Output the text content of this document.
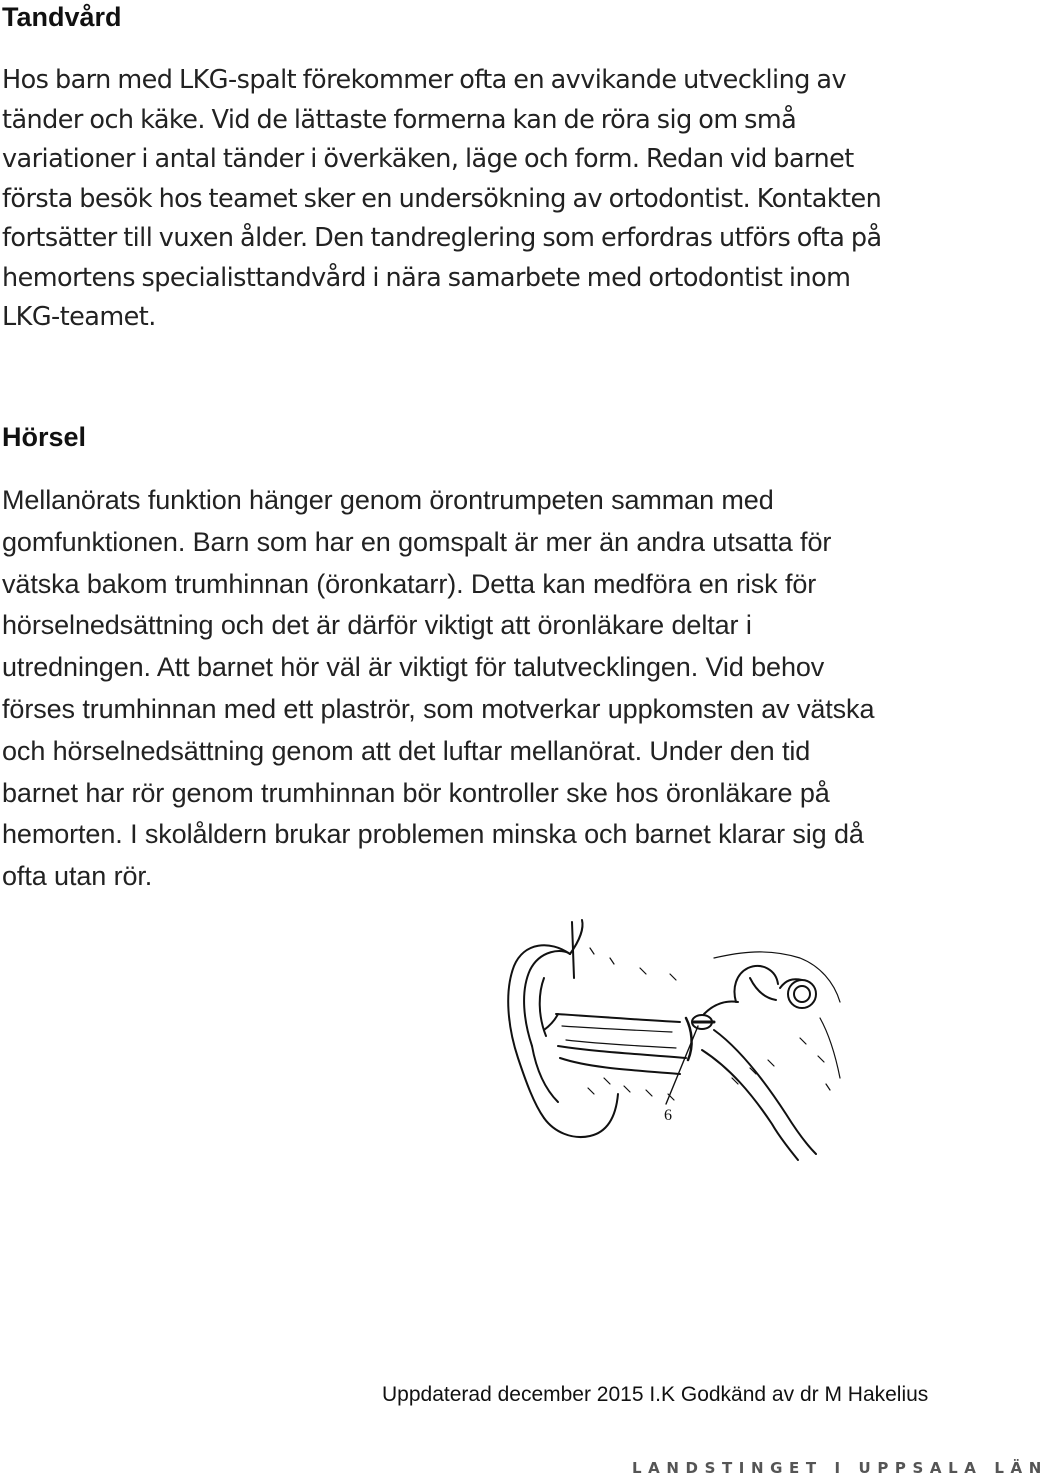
Tandvård

Hos barn med LKG-spalt förekommer ofta en avvikande utveckling av
tänder och käke. Vid de lättaste formerna kan de röra sig om små
variationer i antal tänder i överkäken, läge och form. Redan vid barnet
första besök hos teamet sker en undersökning av ortodontist. Kontakten
fortsätter till vuxen ålder. Den tandreglering som erfordras utförs ofta på
hemortens specialisttandvård i nära samarbete med ortodontist inom
LKG-teamet.

Hörsel

Mellanörats funktion hänger genom örontrumpeten samman med
gomfunktionen. Barn som har en gomspalt är mer än andra utsatta för
vätska bakom trumhinnan (öronkatarr). Detta kan medföra en risk för
hörselnedsättning och det är därför viktigt att öronläkare deltar i
utredningen. Att barnet hör väl är viktigt för talutvecklingen. Vid behov
förses trumhinnan med ett plaströr, som motverkar uppkomsten av vätska
och hörselnedsättning genom att det luftar mellanörat. Under den tid
barnet har rör genom trumhinnan bör kontroller ske hos öronläkare på
hemorten. I skolåldern brukar problemen minska och barnet klarar sig då
ofta utan rör.

6

Uppdaterad december 2015 I.K Godkänd av dr M Hakelius

LANDSTINGET I UPPSALA LÄN
